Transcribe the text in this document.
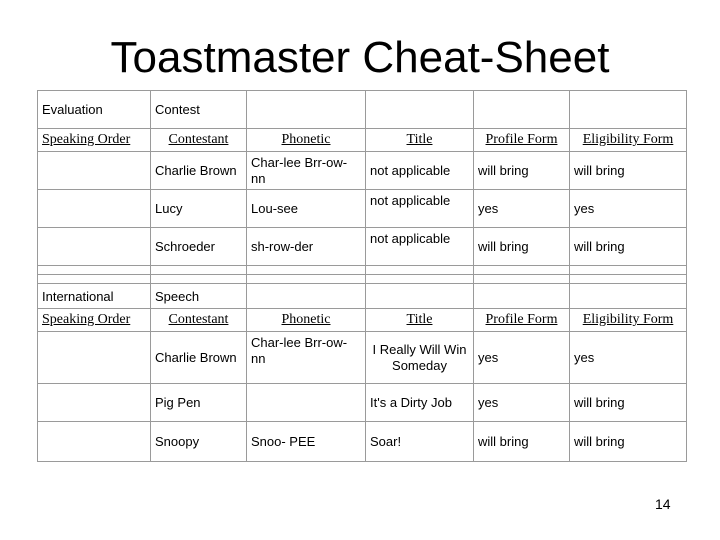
Toastmaster Cheat-Sheet
Evaluation	Contest				
Speaking Order	Contestant	Phonetic	Title	Profile Form	Eligibility Form
	Charlie Brown	Char-lee Brr-ow-nn	not applicable	will bring	will bring
	Lucy	Lou-see	not applicable	yes	yes
	Schroeder	sh-row-der	not applicable	will bring	will bring

International	Speech				
Speaking Order	Contestant	Phonetic	Title	Profile Form	Eligibility Form
	Charlie Brown	Char-lee Brr-ow-nn	I Really Will Win Someday	yes	yes
	Pig Pen		It's a Dirty Job	yes	will bring
	Snoopy	Snoo- PEE	Soar!	will bring	will bring
14
